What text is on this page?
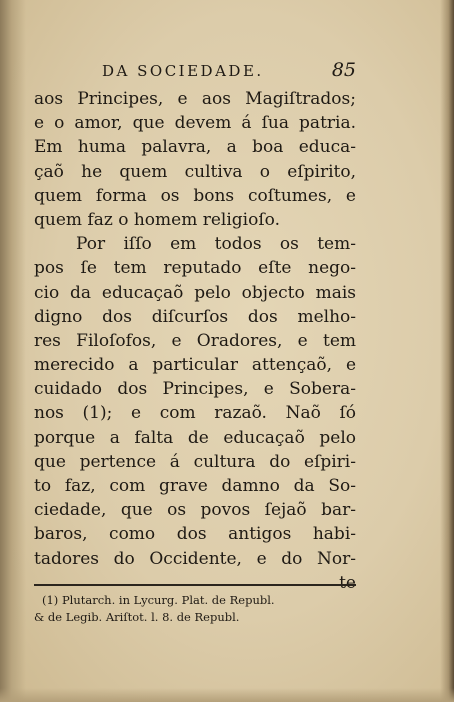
DA SOCIEDADE.	85
aos Principes, e aos Magiſtrados;
e o amor, que devem á ſua patria.
Em huma palavra, a boa educa-
çaõ he quem cultiva o eſpirito,
quem forma os bons coſtumes, e
quem faz o homem religioſo.
Por iſſo em todos os tem-
pos ſe tem reputado eſte nego-
cio da educaçaõ pelo objecto mais
digno dos diſcurſos dos melho-
res Filoſofos, e Oradores, e tem
merecido a particular attençaõ, e
cuidado dos Principes, e Sobera-
nos (1); e com razaõ. Naõ ſó
porque a falta de educaçaõ pelo
que pertence á cultura do eſpiri-
to faz, com grave damno da So-
ciedade, que os povos ſejaõ bar-
baros, como dos antigos habi-
tadores do Occidente, e do Nor-
te
(1) Plutarch. in Lycurg. Plat. de Republ.
& de Legib. Ariſtot. l. 8. de Republ.
